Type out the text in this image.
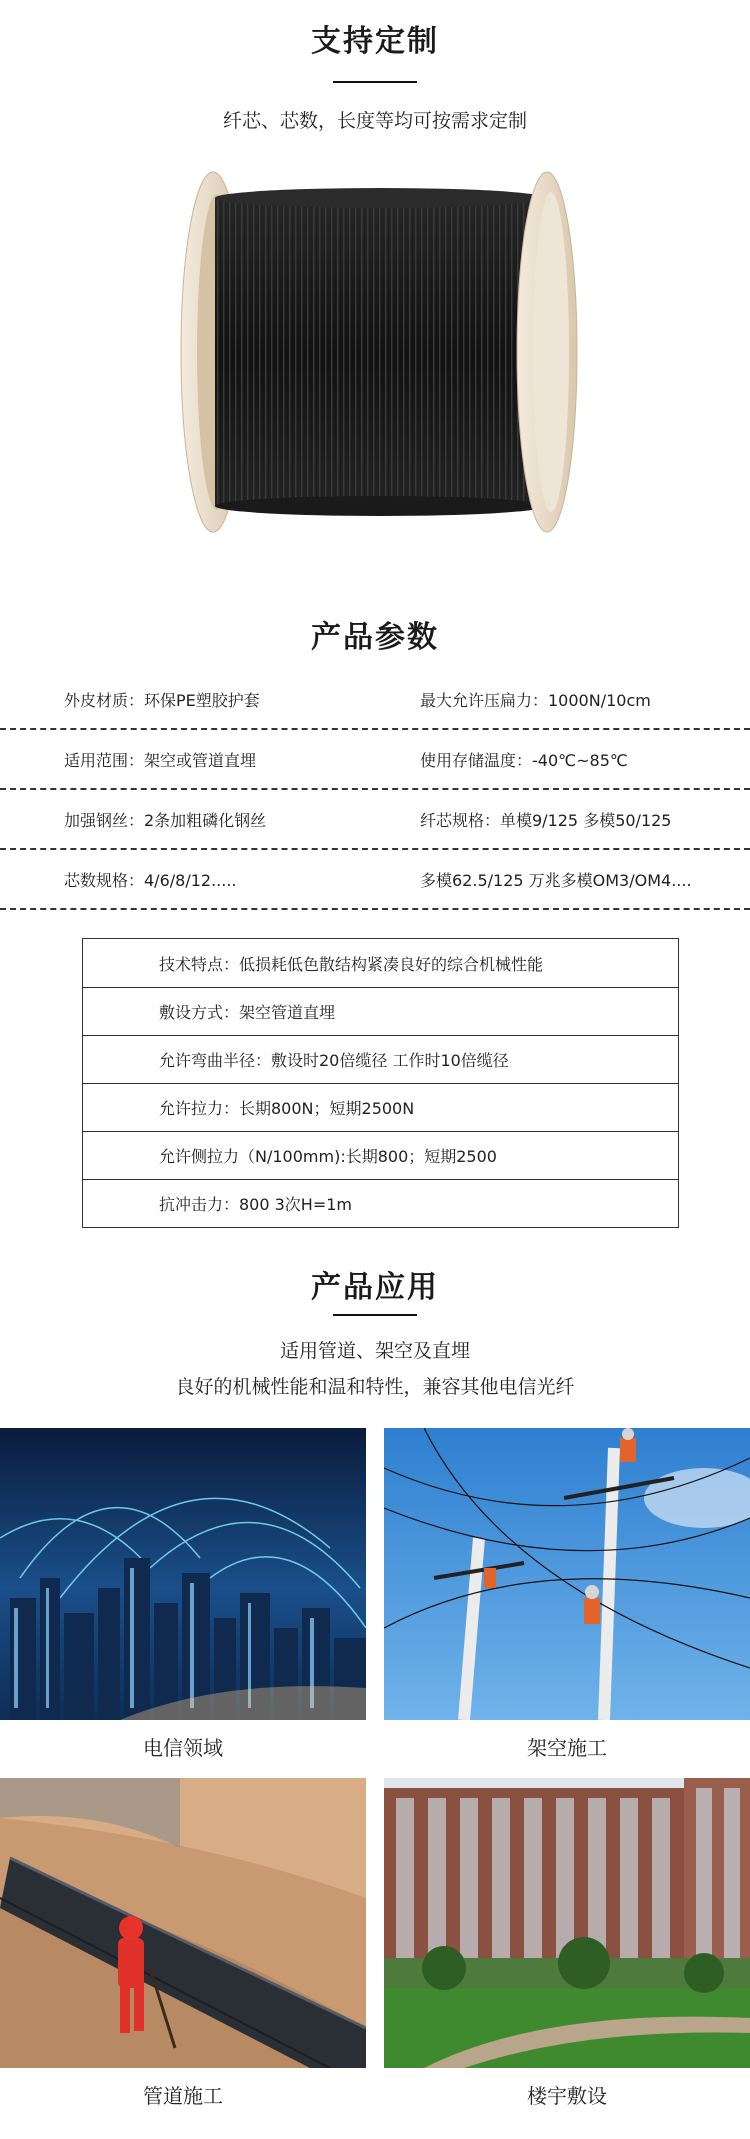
支持定制
纤芯、芯数，长度等均可按需求定制
产品参数
外皮材质：环保PE塑胶护套	最大允许压扁力：1000N/10cm
适用范围：架空或管道直埋	使用存储温度：-40℃~85℃
加强钢丝：2条加粗磷化钢丝	纤芯规格：单模9/125 多模50/125
芯数规格：4/6/8/12.....	多模62.5/125 万兆多模OM3/OM4....
技术特点：低损耗低色散结构紧凑良好的综合机械性能
敷设方式：架空管道直埋
允许弯曲半径：敷设时20倍缆径 工作时10倍缆径
允许拉力：长期800N；短期2500N
允许侧拉力（N/100mm):长期800；短期2500
抗冲击力：800 3次H=1m
产品应用
适用管道、架空及直埋
良好的机械性能和温和特性，兼容其他电信光纤
电信领域	架空施工
管道施工	楼宇敷设
